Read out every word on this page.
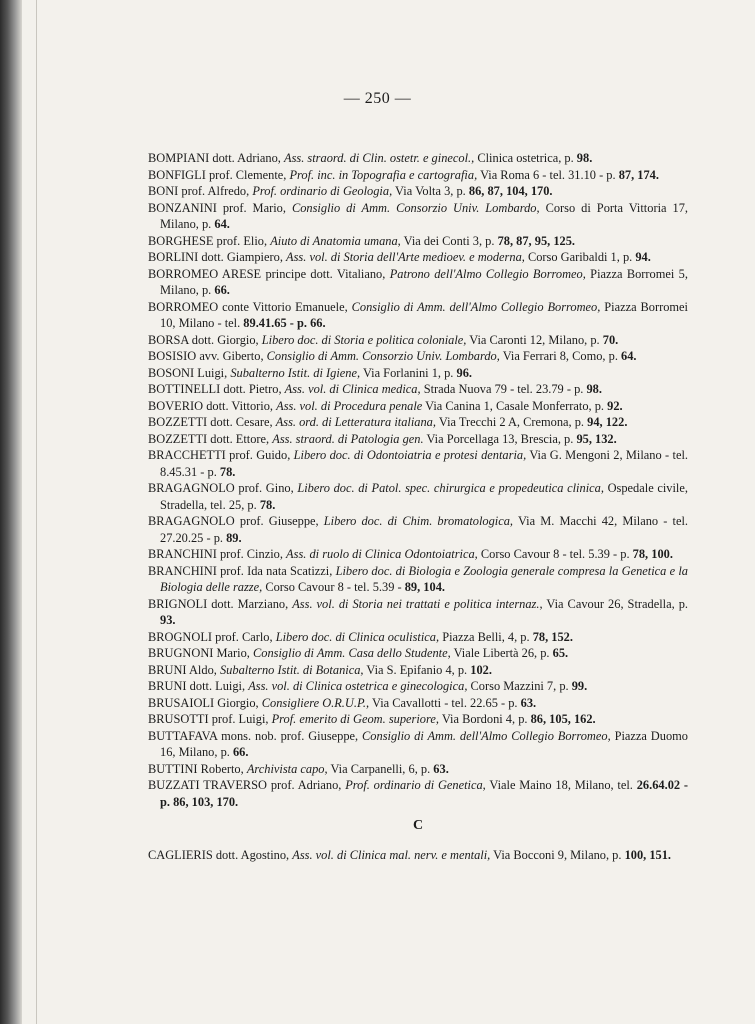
— 250 —
BOMPIANI dott. Adriano, Ass. straord. di Clin. ostetr. e ginecol., Clinica ostetrica, p. 98.
BONFIGLI prof. Clemente, Prof. inc. in Topografia e cartografia, Via Roma 6 - tel. 31.10 - p. 87, 174.
BONI prof. Alfredo, Prof. ordinario di Geologia, Via Volta 3, p. 86, 87, 104, 170.
BONZANINI prof. Mario, Consiglio di Amm. Consorzio Univ. Lombardo, Corso di Porta Vittoria 17, Milano, p. 64.
BORGHESE prof. Elio, Aiuto di Anatomia umana, Via dei Conti 3, p. 78, 87, 95, 125.
BORLINI dott. Giampiero, Ass. vol. di Storia dell'Arte medioev. e moderna, Corso Garibaldi 1, p. 94.
BORROMEO ARESE principe dott. Vitaliano, Patrono dell'Almo Collegio Borromeo, Piazza Borromei 5, Milano, p. 66.
BORROMEO conte Vittorio Emanuele, Consiglio di Amm. dell'Almo Collegio Borromeo, Piazza Borromei 10, Milano - tel. 89.41.65 - p. 66.
BORSA dott. Giorgio, Libero doc. di Storia e politica coloniale, Via Caronti 12, Milano, p. 70.
BOSISIO avv. Giberto, Consiglio di Amm. Consorzio Univ. Lombardo, Via Ferrari 8, Como, p. 64.
BOSONI Luigi, Subalterno Istit. di Igiene, Via Forlanini 1, p. 96.
BOTTINELLI dott. Pietro, Ass. vol. di Clinica medica, Strada Nuova 79 - tel. 23.79 - p. 98.
BOVERIO dott. Vittorio, Ass. vol. di Procedura penale Via Canina 1, Casale Monferrato, p. 92.
BOZZETTI dott. Cesare, Ass. ord. di Letteratura italiana, Via Trecchi 2 A, Cremona, p. 94, 122.
BOZZETTI dott. Ettore, Ass. straord. di Patologia gen. Via Porcellaga 13, Brescia, p. 95, 132.
BRACCHETTI prof. Guido, Libero doc. di Odontoiatria e protesi dentaria, Via G. Mengoni 2, Milano - tel. 8.45.31 - p. 78.
BRAGAGNOLO prof. Gino, Libero doc. di Patol. spec. chirurgica e propedeutica clinica, Ospedale civile, Stradella, tel. 25, p. 78.
BRAGAGNOLO prof. Giuseppe, Libero doc. di Chim. bromatologica, Via M. Macchi 42, Milano - tel. 27.20.25 - p. 89.
BRANCHINI prof. Cinzio, Ass. di ruolo di Clinica Odontoiatrica, Corso Cavour 8 - tel. 5.39 - p. 78, 100.
BRANCHINI prof. Ida nata Scatizzi, Libero doc. di Biologia e Zoologia generale compresa la Genetica e la Biologia delle razze, Corso Cavour 8 - tel. 5.39 - 89, 104.
BRIGNOLI dott. Marziano, Ass. vol. di Storia nei trattati e politica internaz., Via Cavour 26, Stradella, p. 93.
BROGNOLI prof. Carlo, Libero doc. di Clinica oculistica, Piazza Belli, 4, p. 78, 152.
BRUGNONI Mario, Consiglio di Amm. Casa dello Studente, Viale Libertà 26, p. 65.
BRUNI Aldo, Subalterno Istit. di Botanica, Via S. Epifanio 4, p. 102.
BRUNI dott. Luigi, Ass. vol. di Clinica ostetrica e ginecologica, Corso Mazzini 7, p. 99.
BRUSAIOLI Giorgio, Consigliere O.R.U.P., Via Cavallotti - tel. 22.65 - p. 63.
BRUSOTTI prof. Luigi, Prof. emerito di Geom. superiore, Via Bordoni 4, p. 86, 105, 162.
BUTTAFAVA mons. nob. prof. Giuseppe, Consiglio di Amm. dell'Almo Collegio Borromeo, Piazza Duomo 16, Milano, p. 66.
BUTTINI Roberto, Archivista capo, Via Carpanelli, 6, p. 63.
BUZZATI TRAVERSO prof. Adriano, Prof. ordinario di Genetica, Viale Maino 18, Milano, tel. 26.64.02 - p. 86, 103, 170.
C
CAGLIERIS dott. Agostino, Ass. vol. di Clinica mal. nerv. e mentali, Via Bocconi 9, Milano, p. 100, 151.
